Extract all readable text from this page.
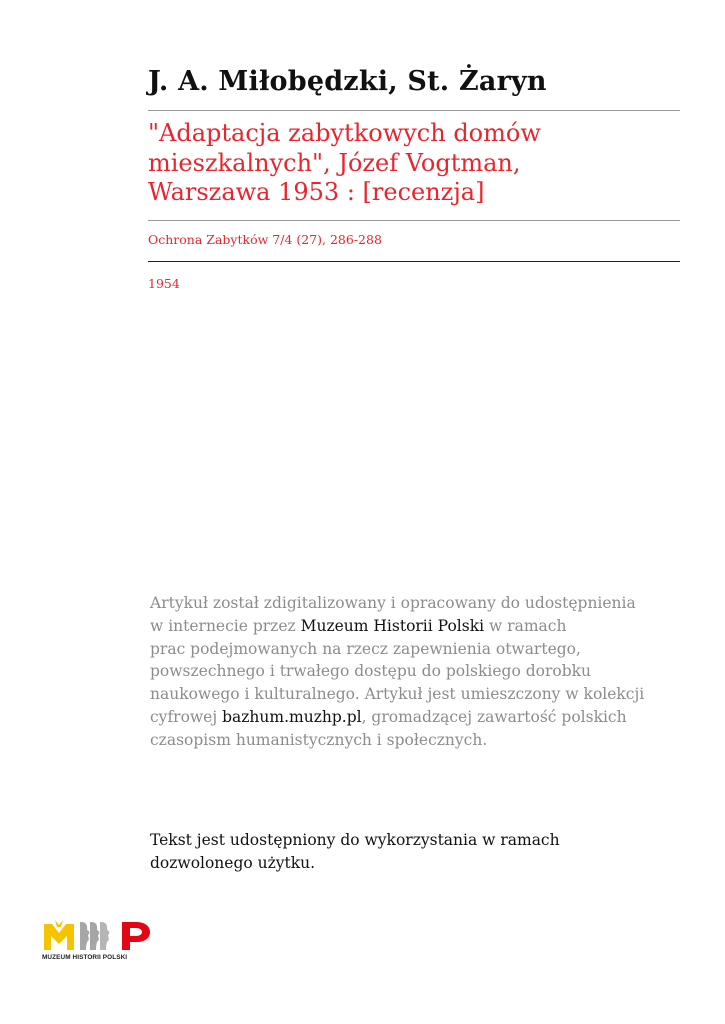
J. A. Miłobędzki, St. Żaryn
"Adaptacja zabytkowych domów
mieszkalnych", Józef Vogtman,
Warszawa 1953 : [recenzja]
Ochrona Zabytków 7/4 (27), 286-288
1954
Artykuł został zdigitalizowany i opracowany do udostępnienia
w internecie przez Muzeum Historii Polski w ramach
prac podejmowanych na rzecz zapewnienia otwartego,
powszechnego i trwałego dostępu do polskiego dorobku
naukowego i kulturalnego. Artykuł jest umieszczony w kolekcji
cyfrowej bazhum.muzhp.pl, gromadzącej zawartość polskich
czasopism humanistycznych i społecznych.
Tekst jest udostępniony do wykorzystania w ramach
dozwolonego użytku.
MUZEUM HISTORII POLSKI
